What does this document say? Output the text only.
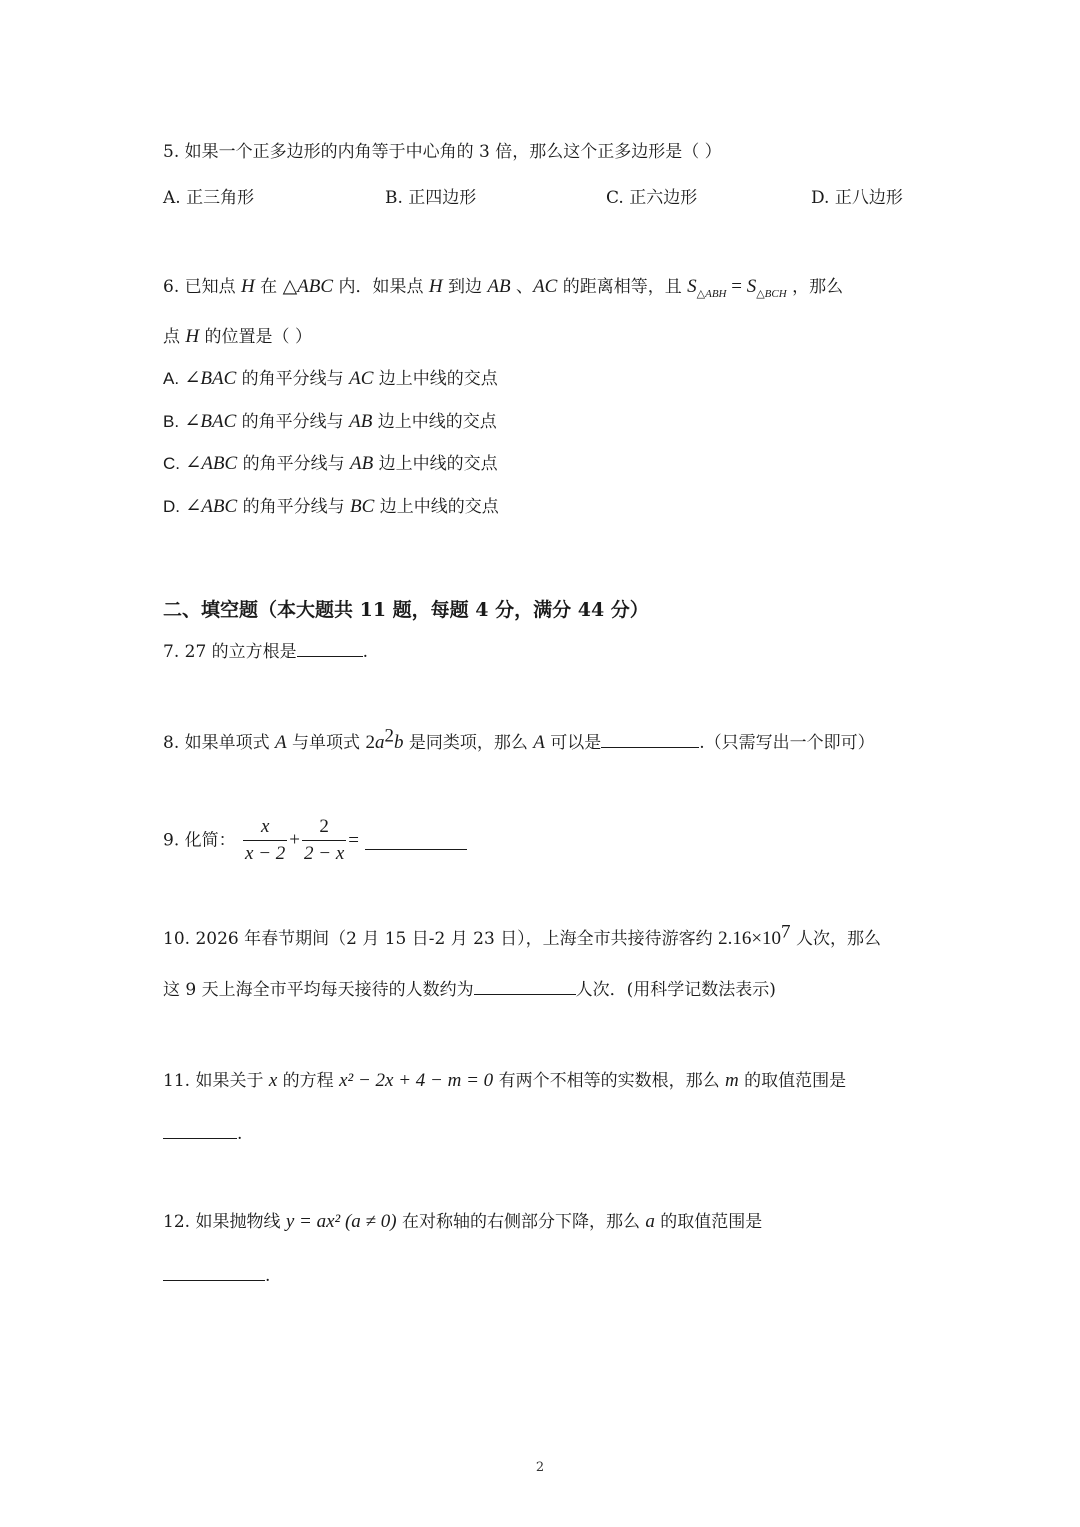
5. 如果一个正多边形的内角等于中心角的 3 倍，那么这个正多边形是（ ）
A. 正三角形	B. 正四边形	C. 正六边形	D. 正八边形
6. 已知点 H 在 △ABC 内．如果点 H 到边 AB 、AC 的距离相等，且 $S_{\triangle ABH} = S_{\triangle BCH}$ ，那么
点 H 的位置是（ ）
A. ∠BAC 的角平分线与 AC 边上中线的交点
B. ∠BAC 的角平分线与 AB 边上中线的交点
C. ∠ABC 的角平分线与 AB 边上中线的交点
D. ∠ABC 的角平分线与 BC 边上中线的交点
二、填空题（本大题共 11 题，每题 4 分，满分 44 分）
7. 27 的立方根是	.
8. 如果单项式 A 与单项式 $2a^2b$ 是同类项，那么 A 可以是	.（只需写出一个即可）
9. 化简： $\frac{x}{x - 2} + \frac{2}{2 - x}$ =
10. 2026 年春节期间（2 月 15 日-2 月 23 日），上海全市共接待游客约 $2.16\times 10^7$ 人次，那么
这 9 天上海全市平均每天接待的人数约为	人次．(用科学记数法表示)
11. 如果关于 x 的方程 x² − 2x + 4 − m = 0 有两个不相等的实数根，那么 m 的取值范围是
.
12. 如果抛物线 y = ax² (a ≠ 0) 在对称轴的右侧部分下降，那么 a 的取值范围是
.
2
